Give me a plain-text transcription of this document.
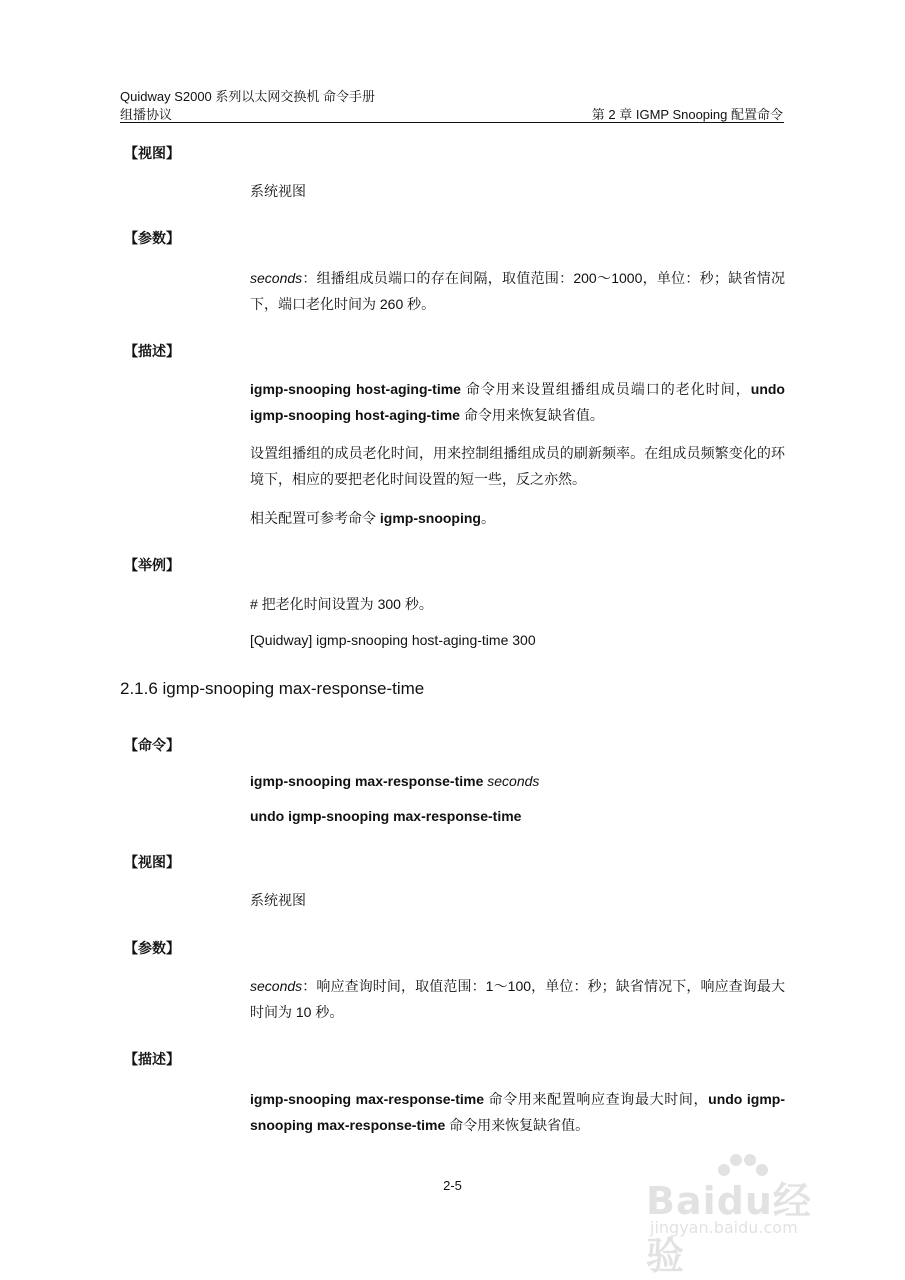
Quidway S2000 系列以太网交换机 命令手册
组播协议	第 2 章 IGMP Snooping 配置命令
【视图】
系统视图
【参数】
seconds：组播组成员端口的存在间隔，取值范围：200～1000，单位：秒；缺省情况下，端口老化时间为 260 秒。
【描述】
igmp-snooping host-aging-time 命令用来设置组播组成员端口的老化时间，undo igmp-snooping host-aging-time 命令用来恢复缺省值。
设置组播组的成员老化时间，用来控制组播组成员的刷新频率。在组成员频繁变化的环境下，相应的要把老化时间设置的短一些，反之亦然。
相关配置可参考命令 igmp-snooping。
【举例】
# 把老化时间设置为 300 秒。
[Quidway] igmp-snooping host-aging-time 300
2.1.6 igmp-snooping max-response-time
【命令】
igmp-snooping max-response-time seconds
undo igmp-snooping max-response-time
【视图】
系统视图
【参数】
seconds：响应查询时间，取值范围：1～100，单位：秒；缺省情况下，响应查询最大时间为 10 秒。
【描述】
igmp-snooping max-response-time 命令用来配置响应查询最大时间，undo igmp-snooping max-response-time 命令用来恢复缺省值。
2-5	Baidu经验
jingyan.baidu.com
